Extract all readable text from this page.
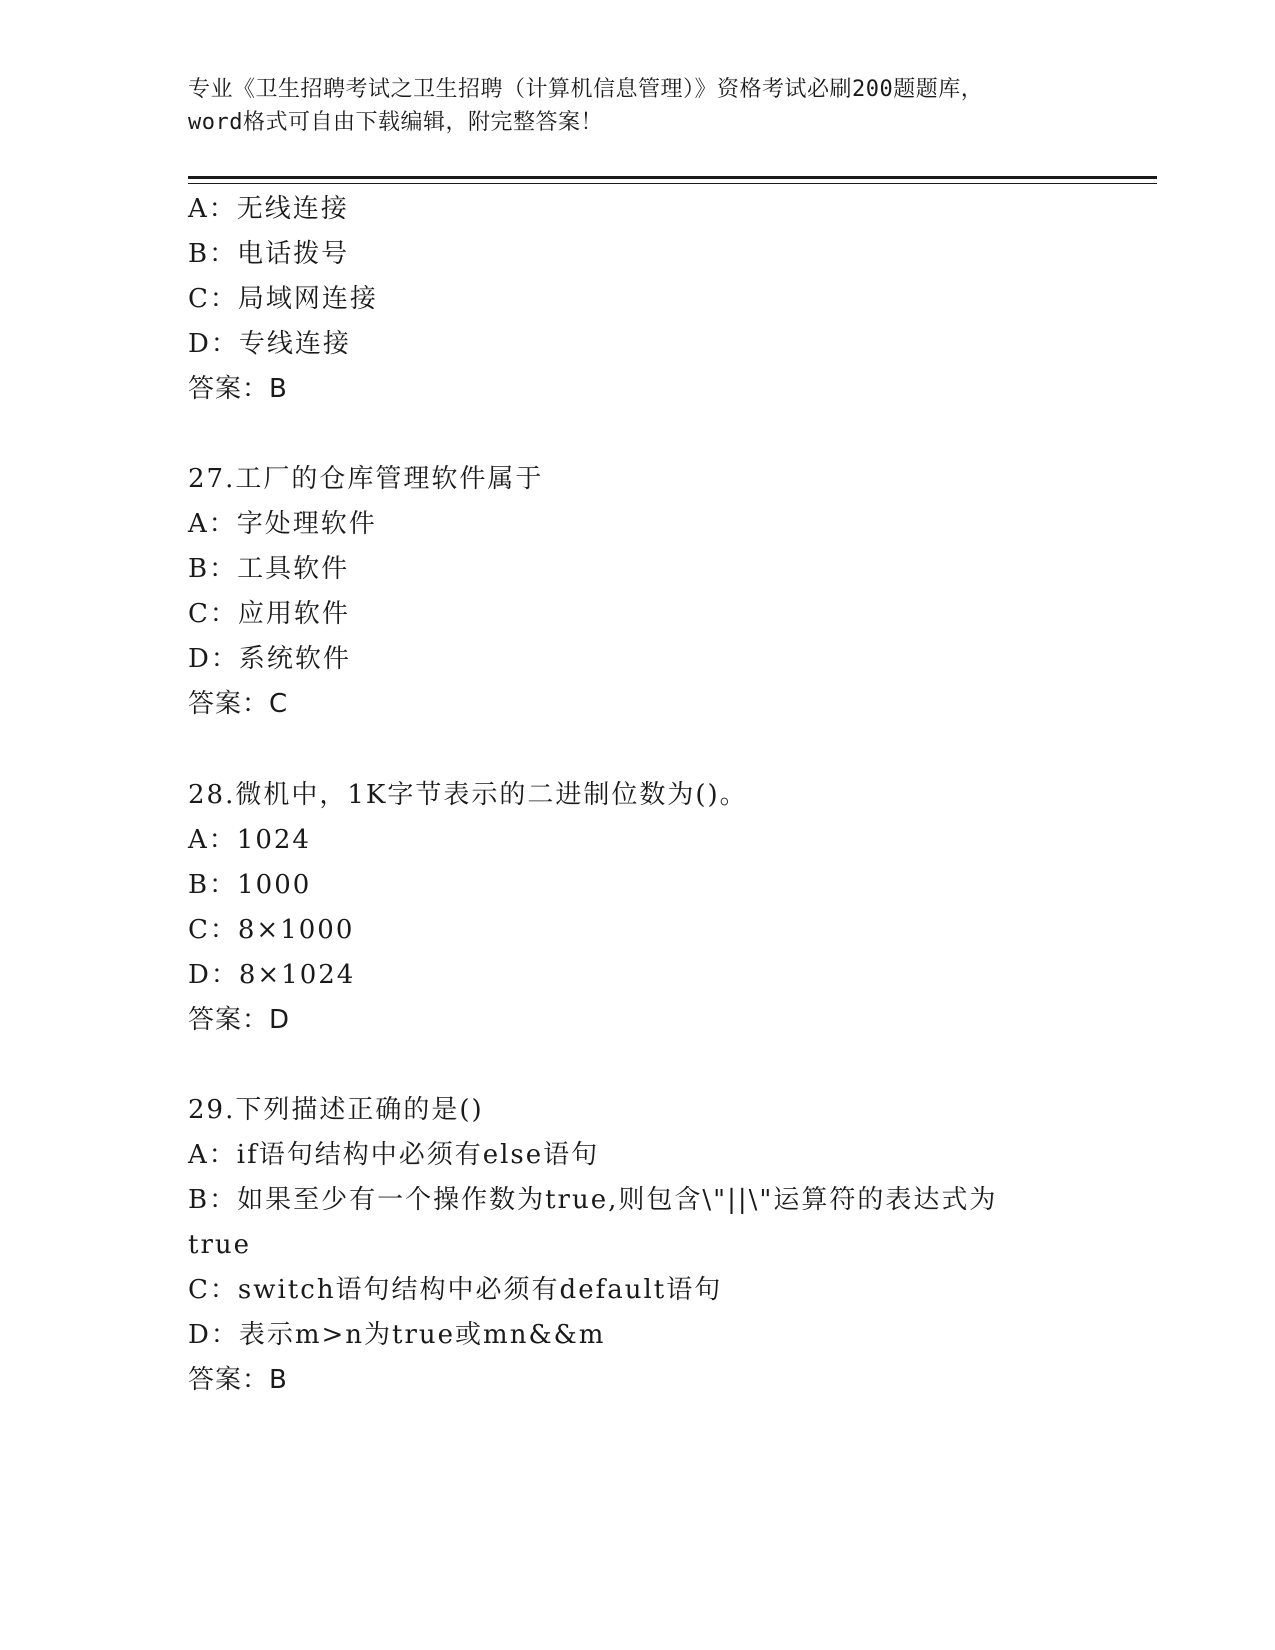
专业《卫生招聘考试之卫生招聘（计算机信息管理）》资格考试必刷200题题库，
word格式可自由下载编辑，附完整答案！
A：无线连接
B：电话拨号
C：局域网连接
D：专线连接
答案：B
27.工厂的仓库管理软件属于
A：字处理软件
B：工具软件
C：应用软件
D：系统软件
答案：C
28.微机中，1K字节表示的二进制位数为()。
A：1024
B：1000
C：8×1000
D：8×1024
答案：D
29.下列描述正确的是()
A：if语句结构中必须有else语句
B：如果至少有一个操作数为true,则包含\"||\"运算符的表达式为
true
C：switch语句结构中必须有default语句
D：表示m>n为true或mn&&m
答案：B
